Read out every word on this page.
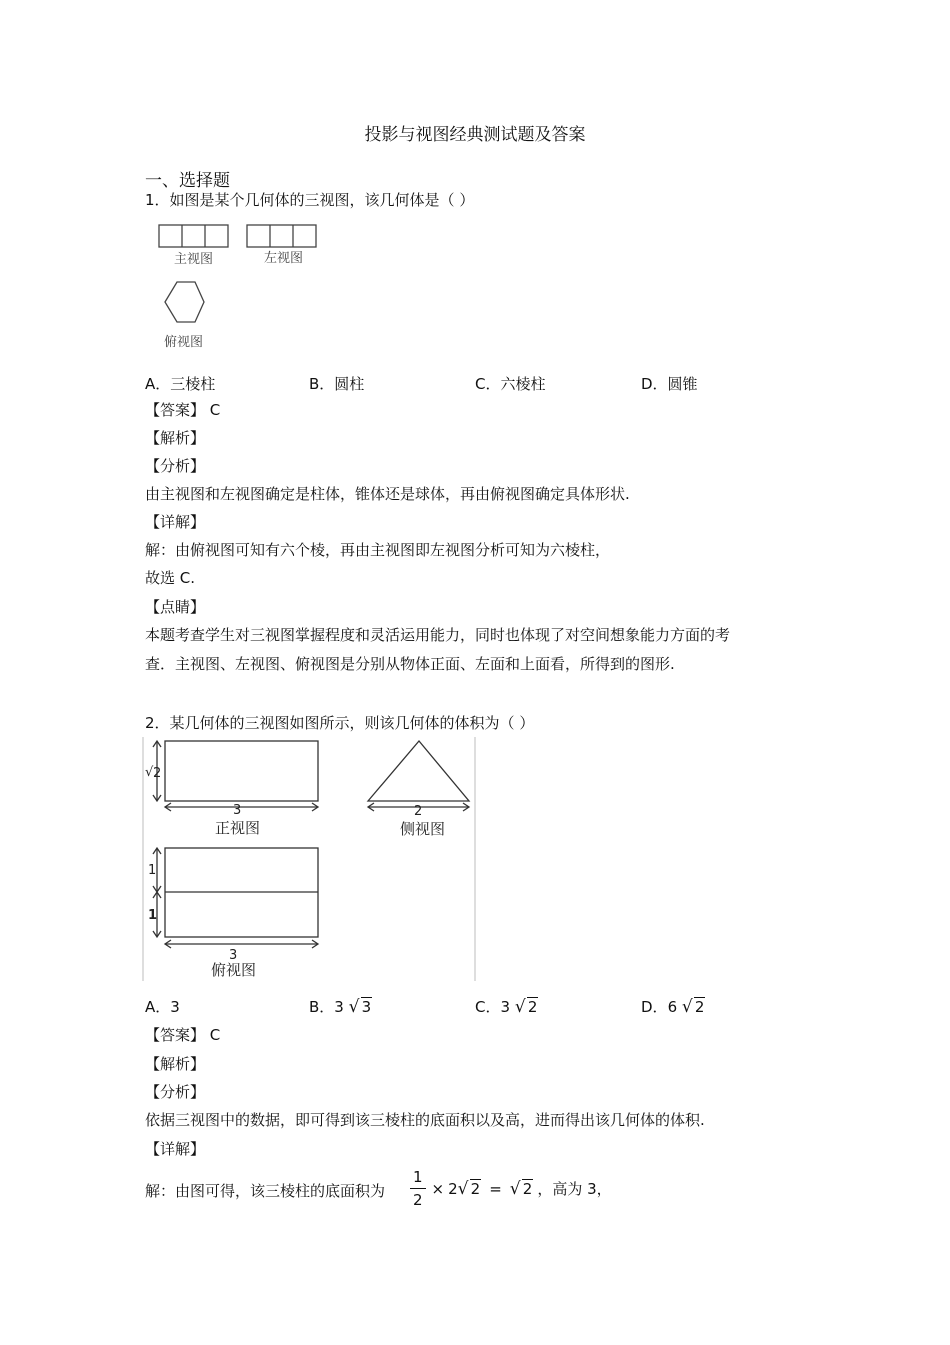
投影与视图经典测试题及答案
一、选择题
1．如图是某个几何体的三视图，该几何体是（ ）
主视图	左视图
俯视图
A．三棱柱	B．圆柱	C．六棱柱	D．圆锥
【答案】 C
【解析】
【分析】
由主视图和左视图确定是柱体，锥体还是球体，再由俯视图确定具体形状.
【详解】
解：由俯视图可知有六个棱，再由主视图即左视图分析可知为六棱柱，
故选 C.
【点睛】
本题考查学生对三视图掌握程度和灵活运用能力，同时也体现了对空间想象能力方面的考
查．主视图、左视图、俯视图是分别从物体正面、左面和上面看，所得到的图形.
2．某几何体的三视图如图所示，则该几何体的体积为（ ）
√ 2
3
正视图
2
侧视图
1
1
3
俯视图
A．3	B．3 √ 3	C．3 √ 2	D．6 √ 2
【答案】 C
【解析】
【分析】
依据三视图中的数据，即可得到该三棱柱的底面积以及高，进而得出该几何体的体积.
【详解】
解：由图可得，该三棱柱的底面积为 $\frac{1}{2} \times 2$ √ 2 =	√ 2 ，高为 3，
